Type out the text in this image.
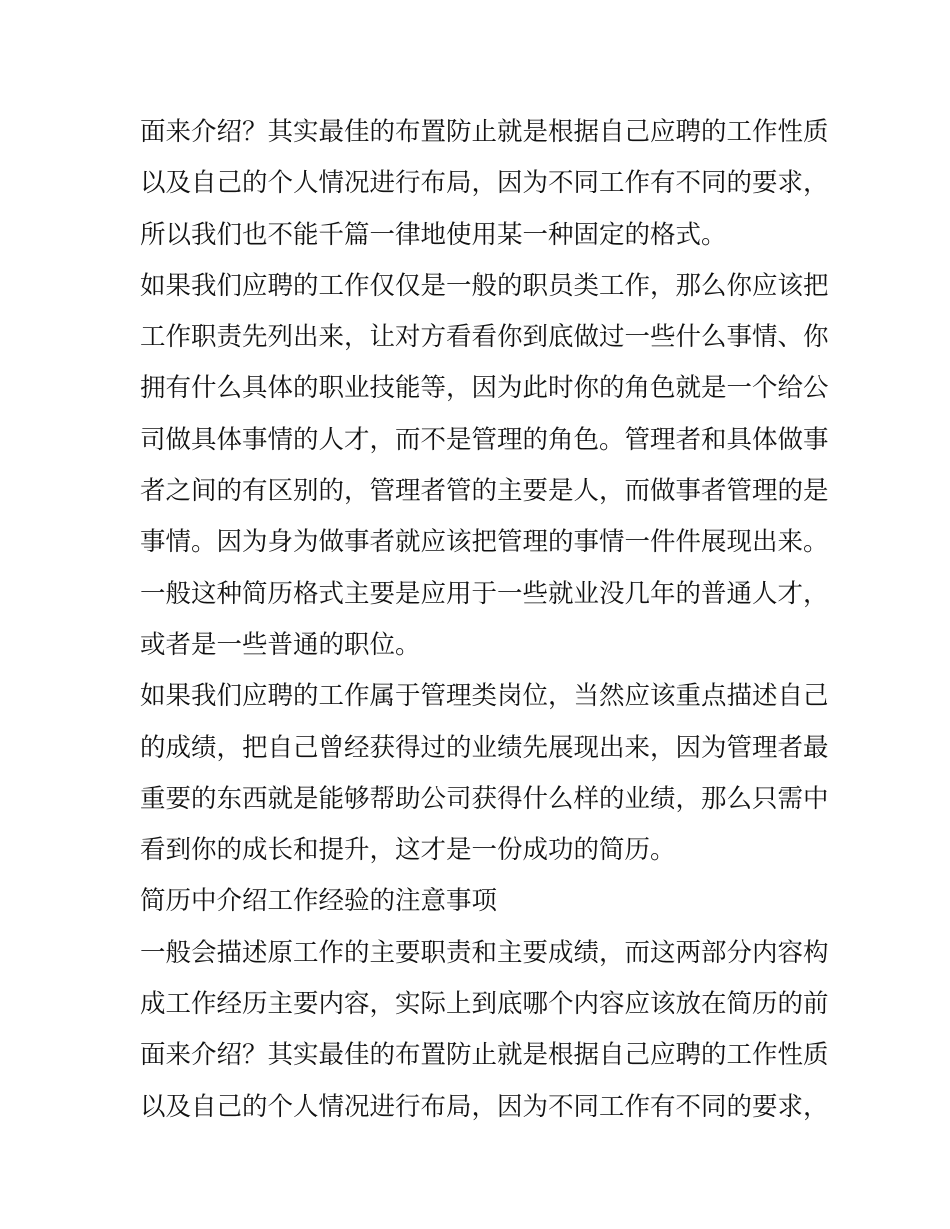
面来介绍？其实最佳的布置防止就是根据自己应聘的工作性质
以及自己的个人情况进行布局，因为不同工作有不同的要求，
所以我们也不能千篇一律地使用某一种固定的格式。
如果我们应聘的工作仅仅是一般的职员类工作，那么你应该把
工作职责先列出来，让对方看看你到底做过一些什么事情、你
拥有什么具体的职业技能等，因为此时你的角色就是一个给公
司做具体事情的人才，而不是管理的角色。管理者和具体做事
者之间的有区别的，管理者管的主要是人，而做事者管理的是
事情。因为身为做事者就应该把管理的事情一件件展现出来。
一般这种简历格式主要是应用于一些就业没几年的普通人才，
或者是一些普通的职位。
如果我们应聘的工作属于管理类岗位，当然应该重点描述自己
的成绩，把自己曾经获得过的业绩先展现出来，因为管理者最
重要的东西就是能够帮助公司获得什么样的业绩，那么只需中
看到你的成长和提升，这才是一份成功的简历。
简历中介绍工作经验的注意事项
一般会描述原工作的主要职责和主要成绩，而这两部分内容构
成工作经历主要内容，实际上到底哪个内容应该放在简历的前
面来介绍？其实最佳的布置防止就是根据自己应聘的工作性质
以及自己的个人情况进行布局，因为不同工作有不同的要求，
